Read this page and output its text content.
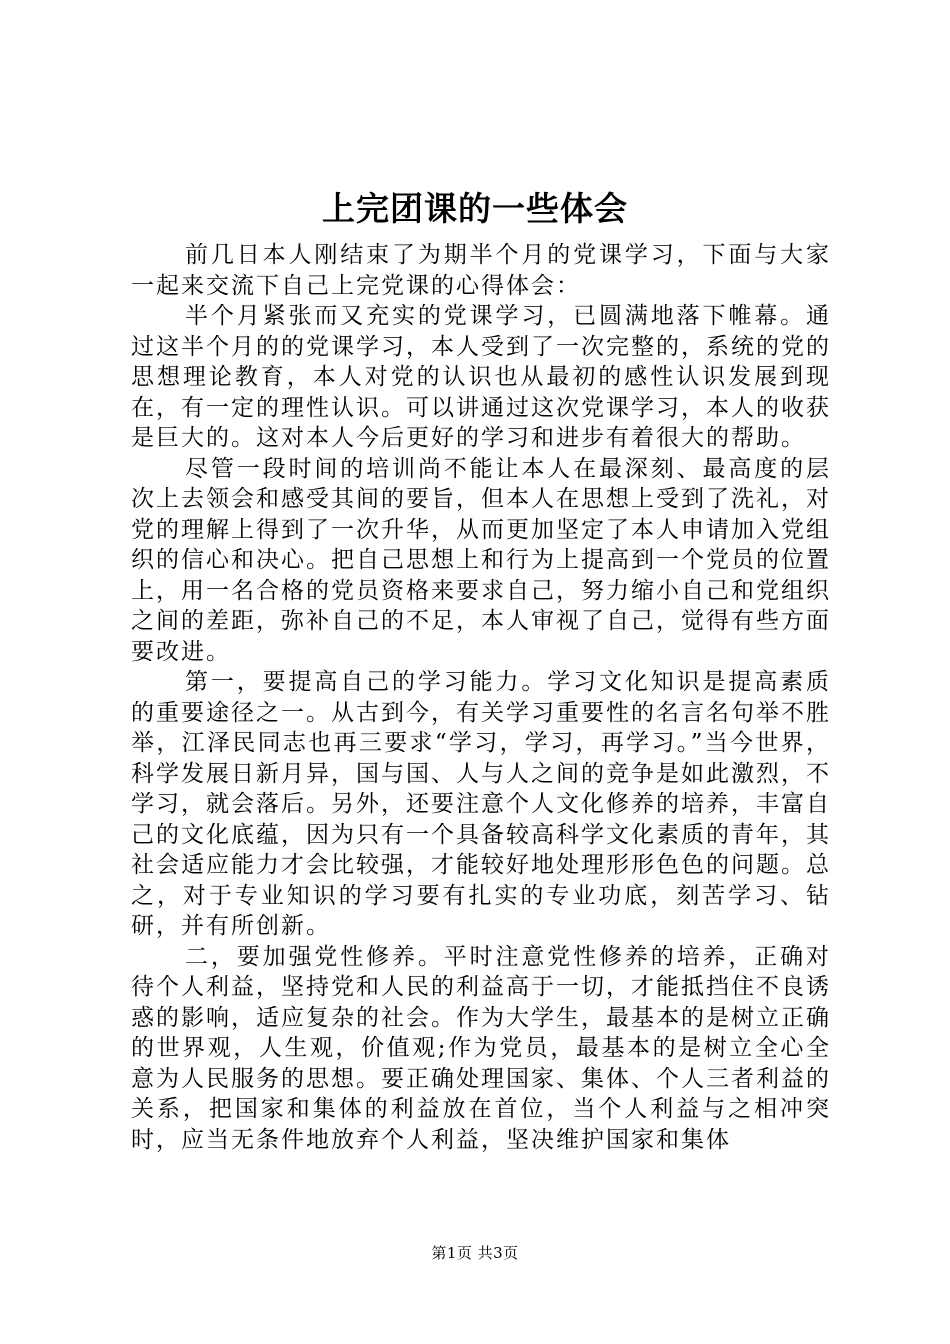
上完团课的一些体会

前几日本人刚结束了为期半个月的党课学习，下面与大家一起来交流下自己上完党课的心得体会：

半个月紧张而又充实的党课学习，已圆满地落下帷幕。通过这半个月的的党课学习，本人受到了一次完整的，系统的党的思想理论教育，本人对党的认识也从最初的感性认识发展到现在，有一定的理性认识。可以讲通过这次党课学习，本人的收获是巨大的。这对本人今后更好的学习和进步有着很大的帮助。

尽管一段时间的培训尚不能让本人在最深刻、最高度的层次上去领会和感受其间的要旨，但本人在思想上受到了洗礼，对党的理解上得到了一次升华，从而更加坚定了本人申请加入党组织的信心和决心。把自己思想上和行为上提高到一个党员的位置上，用一名合格的党员资格来要求自己，努力缩小自己和党组织之间的差距，弥补自己的不足，本人审视了自己，觉得有些方面要改进。

第一，要提高自己的学习能力。学习文化知识是提高素质的重要途径之一。从古到今，有关学习重要性的名言名句举不胜举，江泽民同志也再三要求“学习，学习，再学习。”当今世界，科学发展日新月异，国与国、人与人之间的竞争是如此激烈，不学习，就会落后。另外，还要注意个人文化修养的培养，丰富自己的文化底蕴，因为只有一个具备较高科学文化素质的青年，其社会适应能力才会比较强，才能较好地处理形形色色的问题。总之，对于专业知识的学习要有扎实的专业功底，刻苦学习、钻研，并有所创新。

二，要加强党性修养。平时注意党性修养的培养，正确对待个人利益，坚持党和人民的利益高于一切，才能抵挡住不良诱惑的影响，适应复杂的社会。作为大学生，最基本的是树立正确的世界观，人生观，价值观;作为党员，最基本的是树立全心全意为人民服务的思想。要正确处理国家、集体、个人三者利益的关系，把国家和集体的利益放在首位，当个人利益与之相冲突时，应当无条件地放弃个人利益，坚决维护国家和集体

第1页 共3页
